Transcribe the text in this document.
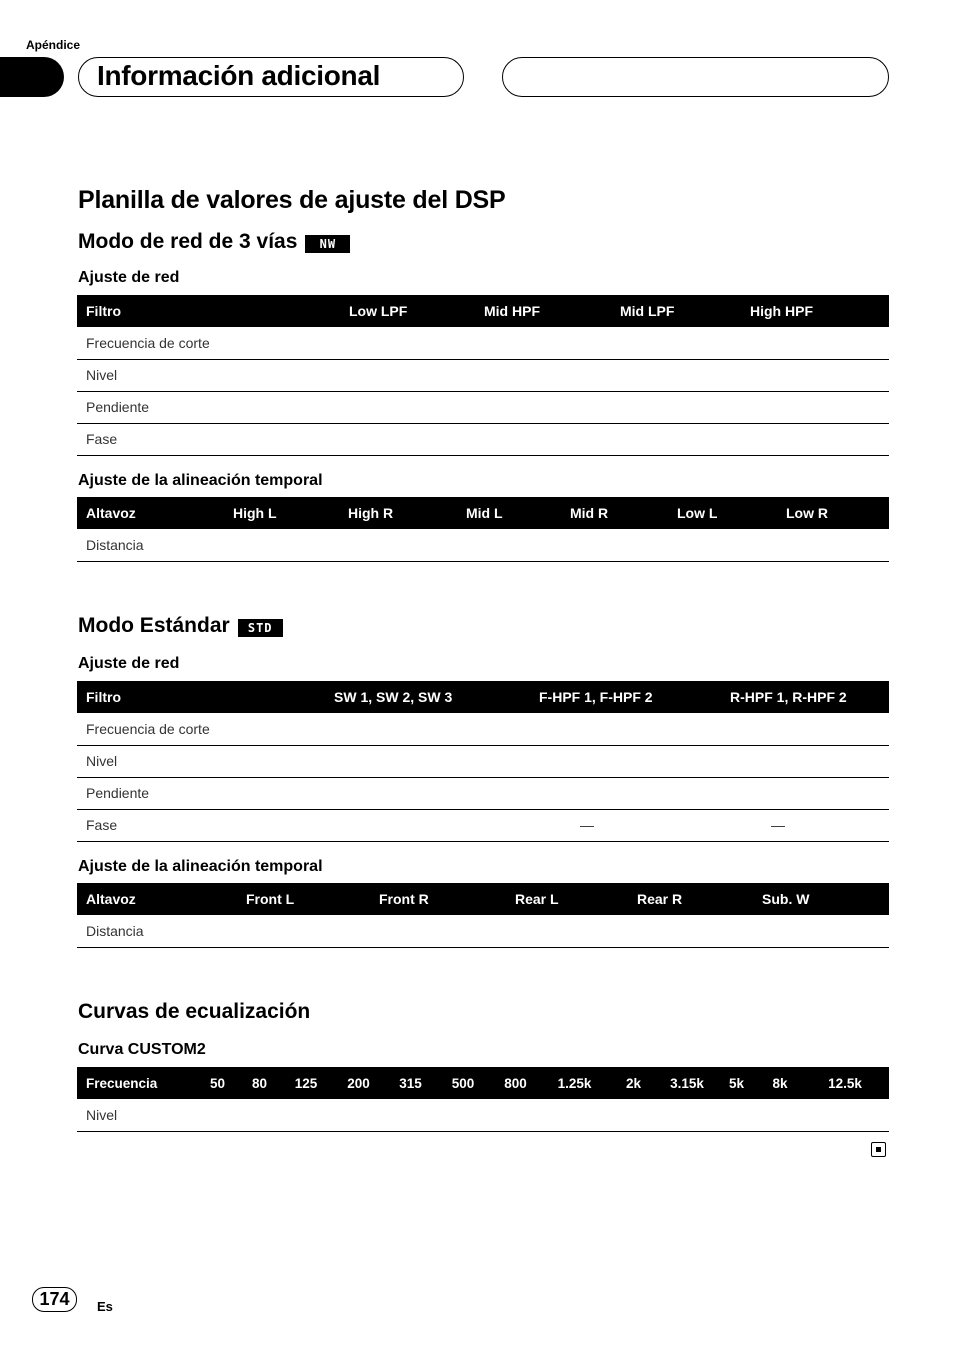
Apéndice
Información adicional
Planilla de valores de ajuste del DSP
Modo de red de 3 vías	NW
Ajuste de red
Filtro	Low LPF	Mid HPF	Mid LPF	High HPF
Frecuencia de corte				
Nivel				
Pendiente				
Fase				
Ajuste de la alineación temporal
Altavoz	High L	High R	Mid L	Mid R	Low L	Low R
Distancia						
Modo Estándar	STD
Ajuste de red
Filtro	SW 1, SW 2, SW 3	F-HPF 1, F-HPF 2	R-HPF 1, R-HPF 2
Frecuencia de corte			
Nivel			
Pendiente			
Fase		—	—
Ajuste de la alineación temporal
Altavoz	Front L	Front R	Rear L	Rear R	Sub. W
Distancia					
Curvas de ecualización
Curva CUSTOM2
Frecuencia	50	80	125	200	315	500	800	1.25k	2k	3.15k	5k	8k	12.5k
Nivel													
174	Es
